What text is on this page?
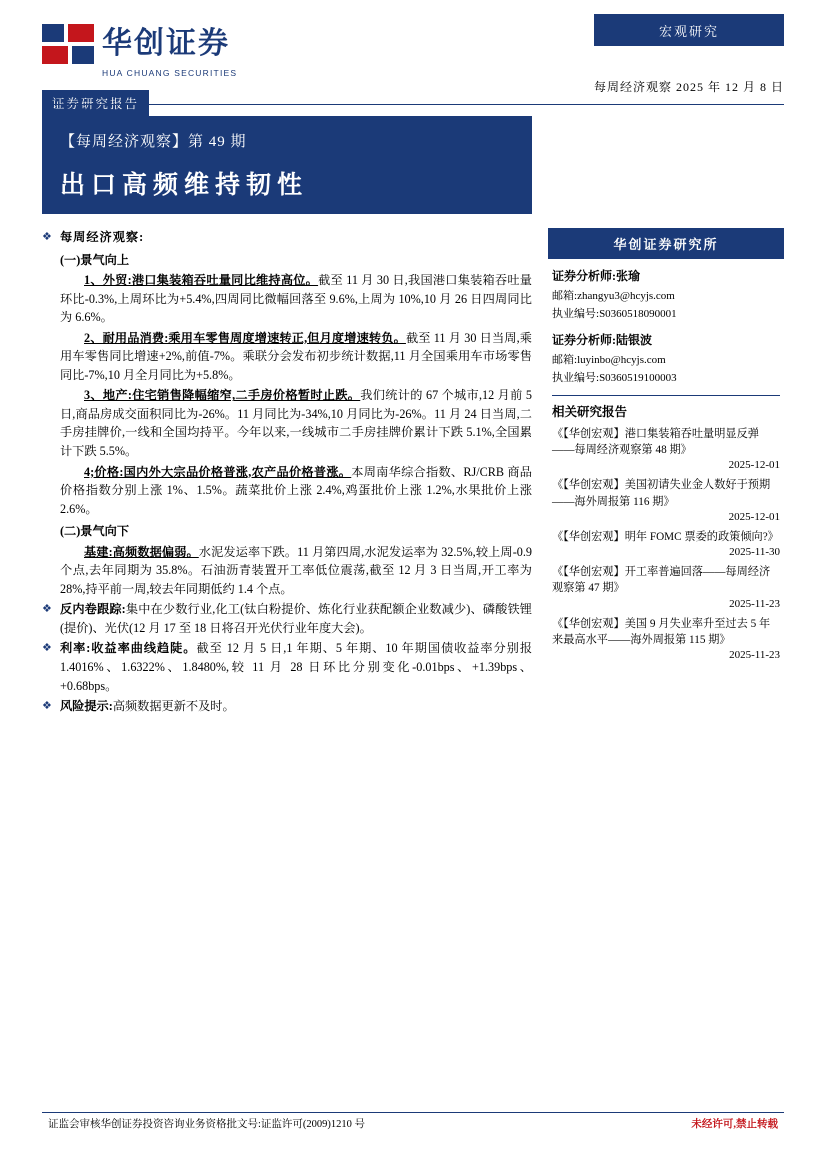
华创证券
HUA CHUANG SECURITIES
证券研究报告
宏观研究
每周经济观察 2025 年 12 月 8 日
【每周经济观察】第 49 期
出口高频维持韧性
❖ 每周经济观察:
(一)景气向上

1、外贸:港口集装箱吞吐量同比维持高位。截至 11 月 30 日,我国港口集装箱吞吐量环比-0.3%,上周环比为+5.4%,四周同比微幅回落至 9.6%,上周为 10%,10 月 26 日四周同比为 6.6%。

2、耐用品消费:乘用车零售周度增速转正,但月度增速转负。截至 11 月 30 日当周,乘用车零售同比增速+2%,前值-7%。乘联分会发布初步统计数据,11 月全国乘用车市场零售同比-7%,10 月全月同比为+5.8%。

3、地产:住宅销售降幅缩窄,二手房价格暂时止跌。我们统计的 67 个城市,12 月前 5 日,商品房成交面积同比为-26%。11 月同比为-34%,10 月同比为-26%。11 月 24 日当周,二手房挂牌价,一线和全国均持平。今年以来,一线城市二手房挂牌价累计下跌 5.1%,全国累计下跌 5.5%。

4;价格:国内外大宗品价格普涨,农产品价格普涨。本周南华综合指数、RJ/CRB 商品价格指数分别上涨 1%、1.5%。蔬菜批价上涨 2.4%,鸡蛋批价上涨 1.2%,水果批价上涨 2.6%。

(二)景气向下

基建:高频数据偏弱。水泥发运率下跌。11 月第四周,水泥发运率为 32.5%,较上周-0.9 个点,去年同期为 35.8%。石油沥青装置开工率低位震荡,截至 12 月 3 日当周,开工率为 28%,持平前一周,较去年同期低约 1.4 个点。

❖ 反内卷跟踪:集中在少数行业,化工(钛白粉提价、炼化行业获配额企业数减少)、磷酸铁锂(提价)、光伏(12 月 17 至 18 日将召开光伏行业年度大会)。
❖ 利率:收益率曲线趋陡。截至 12 月 5 日,1 年期、5 年期、10 年期国债收益率分别报 1.4016%、1.6322%、1.8480%,较 11 月 28 日环比分别变化-0.01bps、+1.39bps、+0.68bps。
❖ 风险提示:高频数据更新不及时。
华创证券研究所
证券分析师:张瑜
邮箱:zhangyu3@hcyjs.com
执业编号:S0360518090001
证券分析师:陆银波
邮箱:luyinbo@hcyjs.com
执业编号:S0360519100003
相关研究报告
《【华创宏观】港口集装箱吞吐量明显反弹——每周经济观察第 48 期》
2025-12-01
《【华创宏观】美国初请失业金人数好于预期——海外周报第 116 期》
2025-12-01
《【华创宏观】明年 FOMC 票委的政策倾向?》
2025-11-30
《【华创宏观】开工率普遍回落——每周经济观察第 47 期》
2025-11-23
《【华创宏观】美国 9 月失业率升至过去 5 年来最高水平——海外周报第 115 期》
2025-11-23
证监会审核华创证券投资咨询业务资格批文号:证监许可(2009)1210 号	未经许可,禁止转载
